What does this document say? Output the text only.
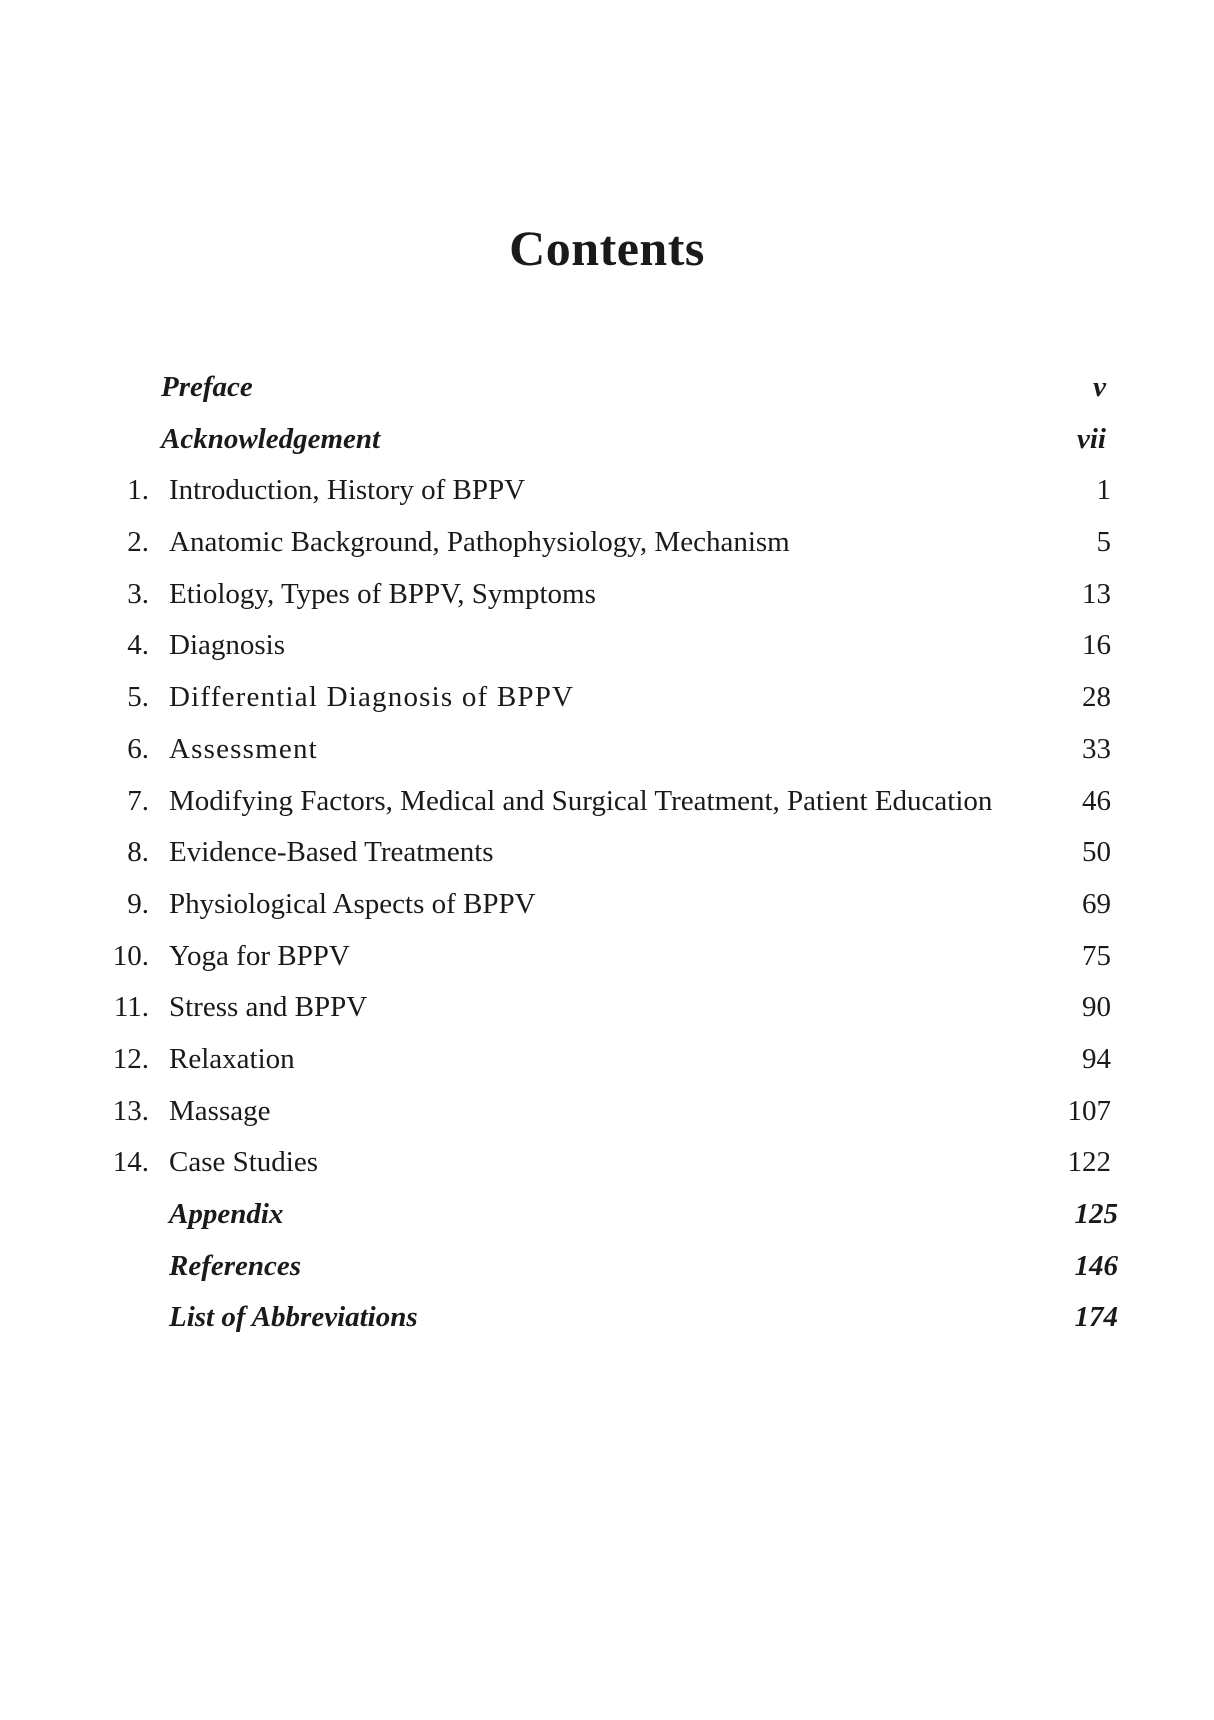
Contents
Preface	v
Acknowledgement	vii
1. Introduction, History of BPPV	1
2. Anatomic Background, Pathophysiology, Mechanism	5
3. Etiology, Types of BPPV, Symptoms	13
4. Diagnosis	16
5. Differential Diagnosis of BPPV	28
6. Assessment	33
7. Modifying Factors, Medical and Surgical Treatment, Patient Education	46
8. Evidence-Based Treatments	50
9. Physiological Aspects of BPPV	69
10. Yoga for BPPV	75
11. Stress and BPPV	90
12. Relaxation	94
13. Massage	107
14. Case Studies	122
Appendix	125
References	146
List of Abbreviations	174
